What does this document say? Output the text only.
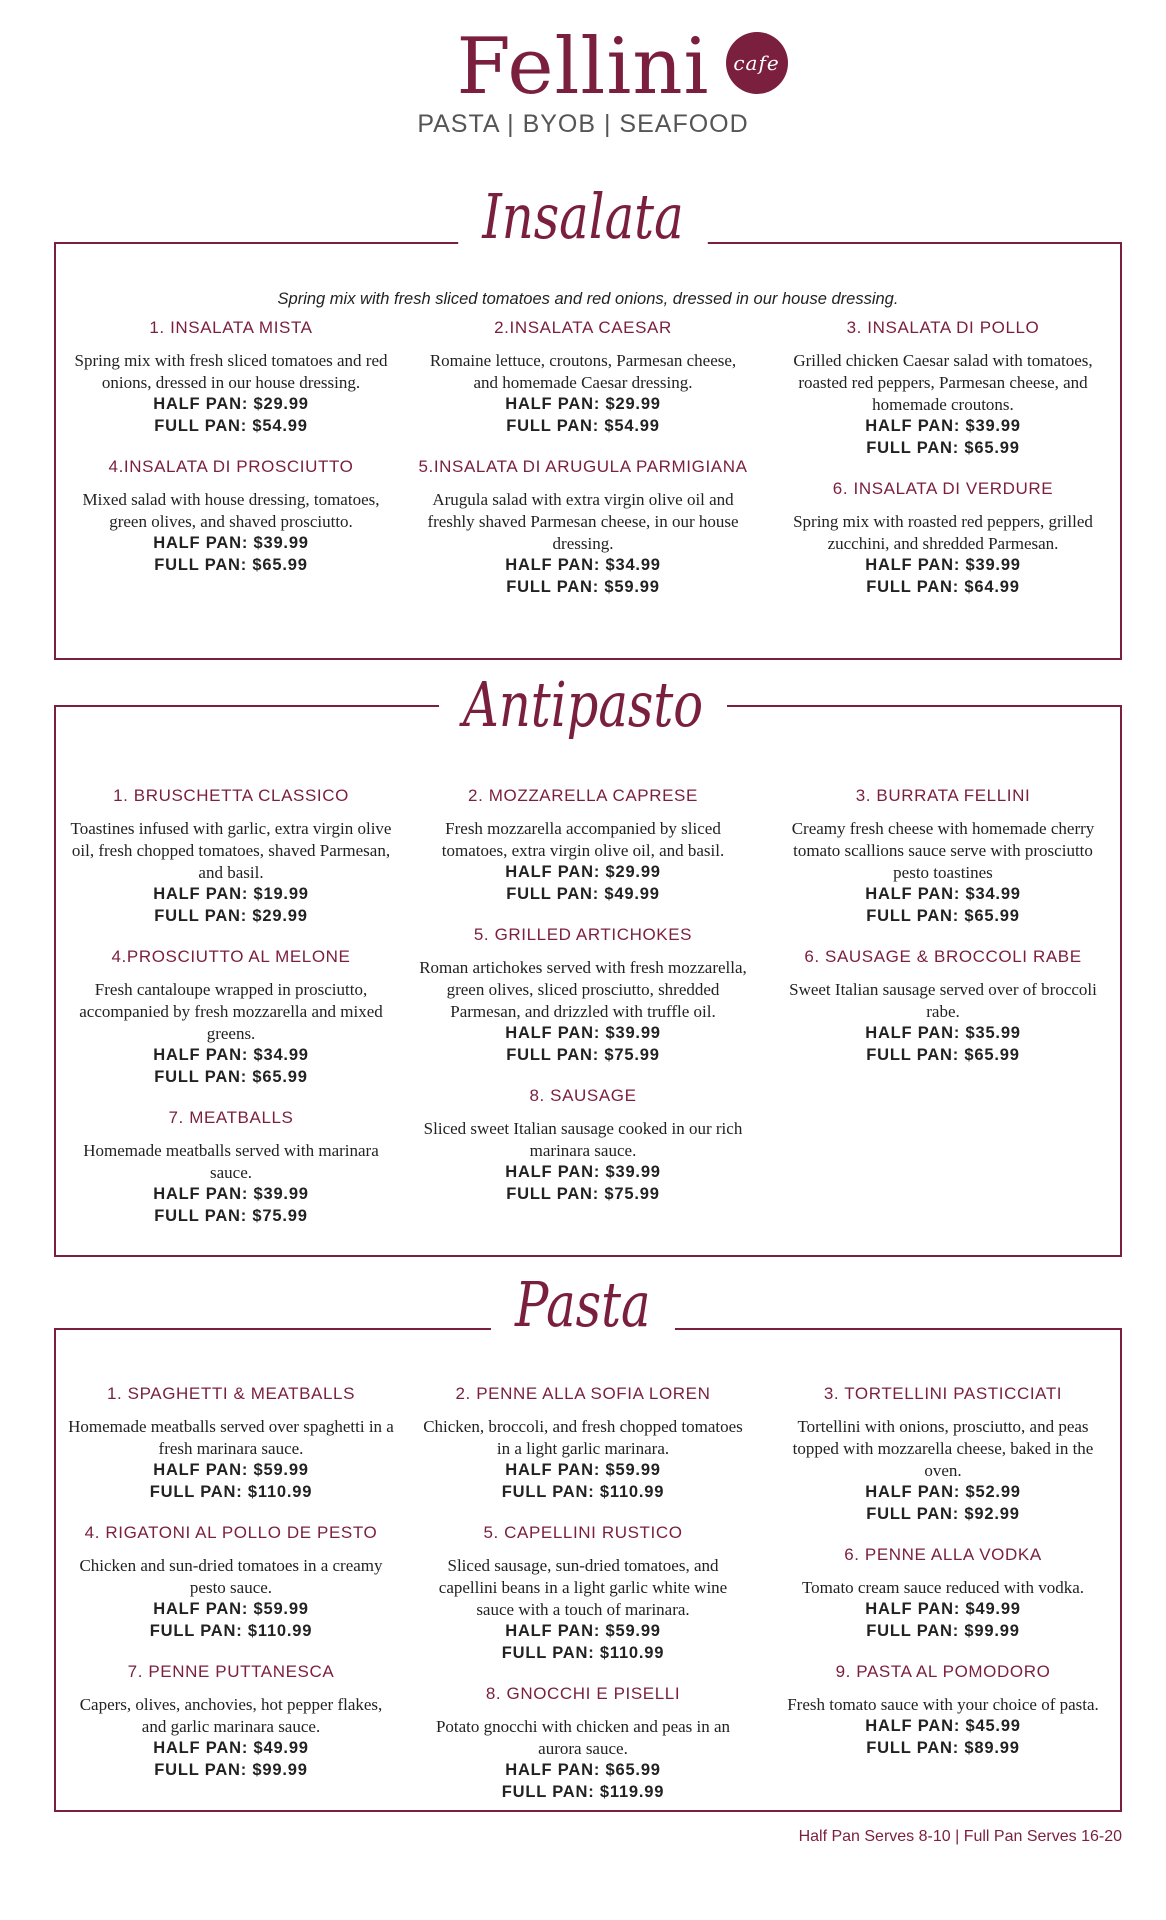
Fellini	cafe
PASTA | BYOB | SEAFOOD
Insalata
Spring mix with fresh sliced tomatoes and red onions, dressed in our house dressing.
1. INSALATA MISTA
Spring mix with fresh sliced tomatoes and red onions, dressed in our house dressing.
HALF PAN: $29.99
FULL PAN: $54.99
4.INSALATA DI PROSCIUTTO
Mixed salad with house dressing, tomatoes, green olives, and shaved prosciutto.
HALF PAN: $39.99
FULL PAN: $65.99
2.INSALATA CAESAR
Romaine lettuce, croutons, Parmesan cheese, and homemade Caesar dressing.
HALF PAN: $29.99
FULL PAN: $54.99
5.INSALATA DI ARUGULA PARMIGIANA
Arugula salad with extra virgin olive oil and freshly shaved Parmesan cheese, in our house dressing.
HALF PAN: $34.99
FULL PAN: $59.99
3. INSALATA DI POLLO
Grilled chicken Caesar salad with tomatoes, roasted red peppers, Parmesan cheese, and homemade croutons.
HALF PAN: $39.99
FULL PAN: $65.99
6. INSALATA DI VERDURE
Spring mix with roasted red peppers, grilled zucchini, and shredded Parmesan.
HALF PAN: $39.99
FULL PAN: $64.99
Antipasto
1. BRUSCHETTA CLASSICO
Toastines infused with garlic, extra virgin olive oil, fresh chopped tomatoes, shaved Parmesan, and basil.
HALF PAN: $19.99
FULL PAN: $29.99
4.PROSCIUTTO AL MELONE
Fresh cantaloupe wrapped in prosciutto, accompanied by fresh mozzarella and mixed greens.
HALF PAN: $34.99
FULL PAN: $65.99
7. MEATBALLS
Homemade meatballs served with marinara sauce.
HALF PAN: $39.99
FULL PAN: $75.99
2. MOZZARELLA CAPRESE
Fresh mozzarella accompanied by sliced tomatoes, extra virgin olive oil, and basil.
HALF PAN: $29.99
FULL PAN: $49.99
5. GRILLED ARTICHOKES
Roman artichokes served with fresh mozzarella, green olives, sliced prosciutto, shredded Parmesan, and drizzled with truffle oil.
HALF PAN: $39.99
FULL PAN: $75.99
8. SAUSAGE
Sliced sweet Italian sausage cooked in our rich marinara sauce.
HALF PAN: $39.99
FULL PAN: $75.99
3. BURRATA FELLINI
Creamy fresh cheese with homemade cherry tomato scallions sauce serve with prosciutto pesto toastines
HALF PAN: $34.99
FULL PAN: $65.99
6. SAUSAGE & BROCCOLI RABE
Sweet Italian sausage served over of broccoli rabe.
HALF PAN: $35.99
FULL PAN: $65.99
Pasta
1. SPAGHETTI & MEATBALLS
Homemade meatballs served over spaghetti in a fresh marinara sauce.
HALF PAN: $59.99
FULL PAN: $110.99
4. RIGATONI AL POLLO DE PESTO
Chicken and sun-dried tomatoes in a creamy pesto sauce.
HALF PAN: $59.99
FULL PAN: $110.99
7. PENNE PUTTANESCA
Capers, olives, anchovies, hot pepper flakes, and garlic marinara sauce.
HALF PAN: $49.99
FULL PAN: $99.99
2. PENNE ALLA SOFIA LOREN
Chicken, broccoli, and fresh chopped tomatoes in a light garlic marinara.
HALF PAN: $59.99
FULL PAN: $110.99
5. CAPELLINI RUSTICO
Sliced sausage, sun-dried tomatoes, and capellini beans in a light garlic white wine sauce with a touch of marinara.
HALF PAN: $59.99
FULL PAN: $110.99
8. GNOCCHI E PISELLI
Potato gnocchi with chicken and peas in an aurora sauce.
HALF PAN: $65.99
FULL PAN: $119.99
3. TORTELLINI PASTICCIATI
Tortellini with onions, prosciutto, and peas topped with mozzarella cheese, baked in the oven.
HALF PAN: $52.99
FULL PAN: $92.99
6. PENNE ALLA VODKA
Tomato cream sauce reduced with vodka.
HALF PAN: $49.99
FULL PAN: $99.99
9. PASTA AL POMODORO
Fresh tomato sauce with your choice of pasta.
HALF PAN: $45.99
FULL PAN: $89.99
Half Pan Serves 8-10 | Full Pan Serves 16-20
